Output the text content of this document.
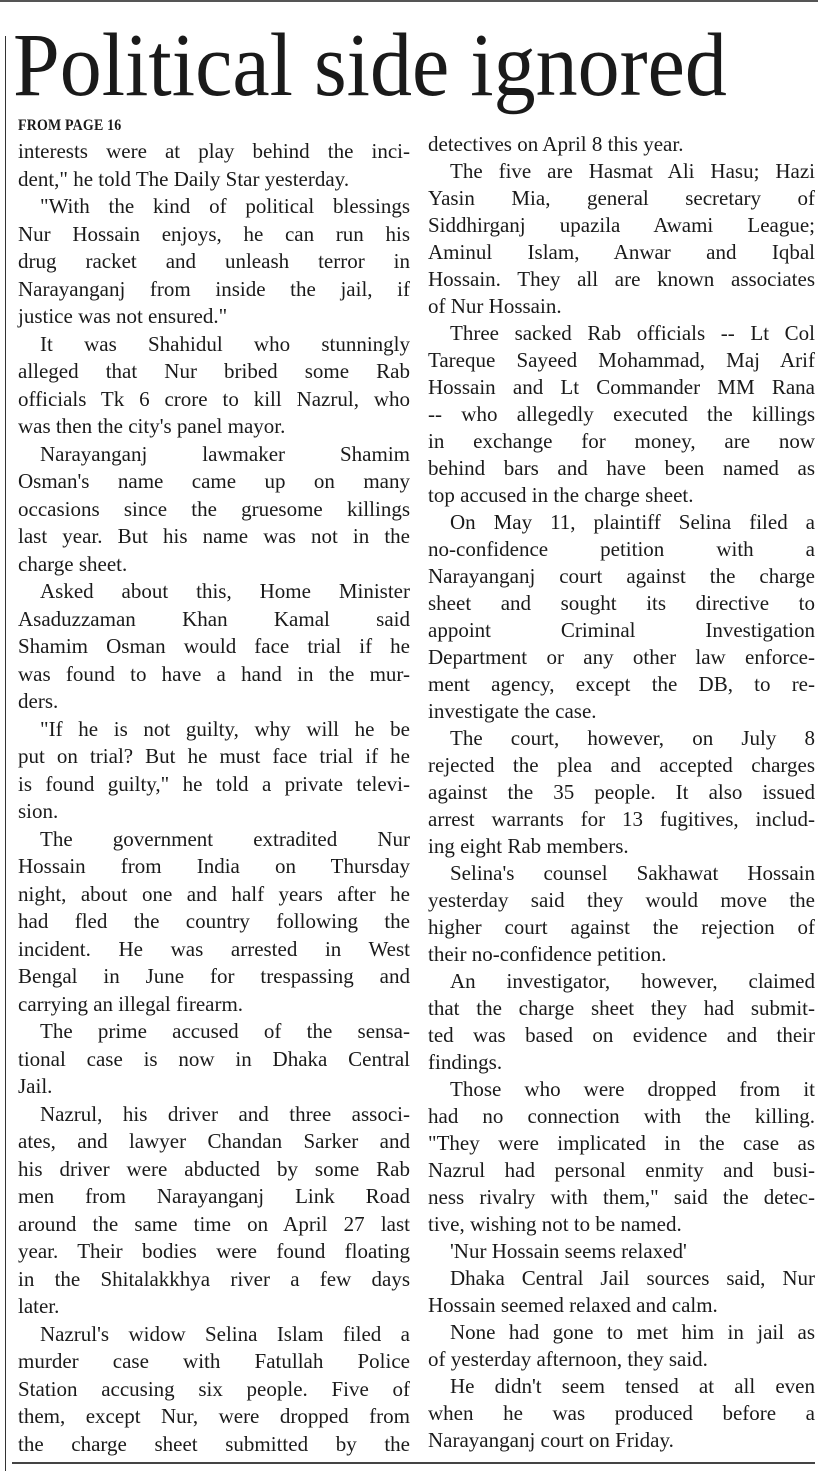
Political side ignored
FROM PAGE 16
interests were at play behind the inci-
dent," he told The Daily Star yesterday.
"With the kind of political blessings
Nur Hossain enjoys, he can run his
drug racket and unleash terror in
Narayanganj from inside the jail, if
justice was not ensured."
It was Shahidul who stunningly
alleged that Nur bribed some Rab
officials Tk 6 crore to kill Nazrul, who
was then the city's panel mayor.
Narayanganj lawmaker Shamim
Osman's name came up on many
occasions since the gruesome killings
last year. But his name was not in the
charge sheet.
Asked about this, Home Minister
Asaduzzaman Khan Kamal said
Shamim Osman would face trial if he
was found to have a hand in the mur-
ders.
"If he is not guilty, why will he be
put on trial? But he must face trial if he
is found guilty," he told a private televi-
sion.
The government extradited Nur
Hossain from India on Thursday
night, about one and half years after he
had fled the country following the
incident. He was arrested in West
Bengal in June for trespassing and
carrying an illegal firearm.
The prime accused of the sensa-
tional case is now in Dhaka Central
Jail.
Nazrul, his driver and three associ-
ates, and lawyer Chandan Sarker and
his driver were abducted by some Rab
men from Narayanganj Link Road
around the same time on April 27 last
year. Their bodies were found floating
in the Shitalakkhya river a few days
later.
Nazrul's widow Selina Islam filed a
murder case with Fatullah Police
Station accusing six people. Five of
them, except Nur, were dropped from
the charge sheet submitted by the
detectives on April 8 this year.
The five are Hasmat Ali Hasu; Hazi
Yasin Mia, general secretary of
Siddhirganj upazila Awami League;
Aminul Islam, Anwar and Iqbal
Hossain. They all are known associates
of Nur Hossain.
Three sacked Rab officials -- Lt Col
Tareque Sayeed Mohammad, Maj Arif
Hossain and Lt Commander MM Rana
-- who allegedly executed the killings
in exchange for money, are now
behind bars and have been named as
top accused in the charge sheet.
On May 11, plaintiff Selina filed a
no-confidence petition with a
Narayanganj court against the charge
sheet and sought its directive to
appoint Criminal Investigation
Department or any other law enforce-
ment agency, except the DB, to re-
investigate the case.
The court, however, on July 8
rejected the plea and accepted charges
against the 35 people. It also issued
arrest warrants for 13 fugitives, includ-
ing eight Rab members.
Selina's counsel Sakhawat Hossain
yesterday said they would move the
higher court against the rejection of
their no-confidence petition.
An investigator, however, claimed
that the charge sheet they had submit-
ted was based on evidence and their
findings.
Those who were dropped from it
had no connection with the killing.
"They were implicated in the case as
Nazrul had personal enmity and busi-
ness rivalry with them," said the detec-
tive, wishing not to be named.
'Nur Hossain seems relaxed'
Dhaka Central Jail sources said, Nur
Hossain seemed relaxed and calm.
None had gone to met him in jail as
of yesterday afternoon, they said.
He didn't seem tensed at all even
when he was produced before a
Narayanganj court on Friday.
